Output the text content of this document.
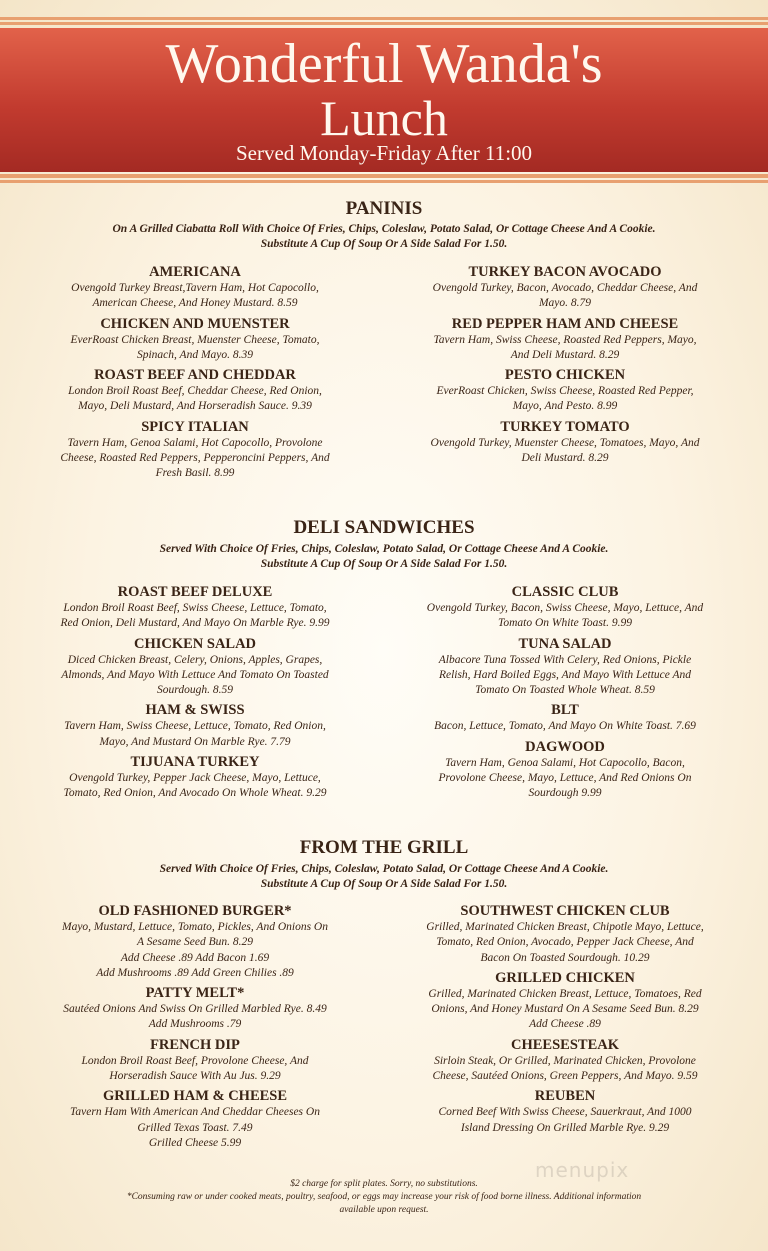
Wonderful Wanda's
Lunch
Served Monday-Friday After 11:00
PANINIS
On A Grilled Ciabatta Roll With Choice Of Fries, Chips, Coleslaw, Potato Salad, Or Cottage Cheese And A Cookie.
Substitute A Cup Of Soup Or A Side Salad For 1.50.
AMERICANA
Ovengold Turkey Breast,Tavern Ham, Hot Capocollo,
American Cheese, And Honey Mustard. 8.59
CHICKEN AND MUENSTER
EverRoast Chicken Breast, Muenster Cheese, Tomato,
Spinach, And Mayo. 8.39
ROAST BEEF AND CHEDDAR
London Broil Roast Beef, Cheddar Cheese, Red Onion,
Mayo, Deli Mustard, And Horseradish Sauce. 9.39
SPICY ITALIAN
Tavern Ham, Genoa Salami, Hot Capocollo, Provolone
Cheese, Roasted Red Peppers, Pepperoncini Peppers, And
Fresh Basil. 8.99
TURKEY BACON AVOCADO
Ovengold Turkey, Bacon, Avocado, Cheddar Cheese, And
Mayo. 8.79
RED PEPPER HAM AND CHEESE
Tavern Ham, Swiss Cheese, Roasted Red Peppers, Mayo,
And Deli Mustard. 8.29
PESTO CHICKEN
EverRoast Chicken, Swiss Cheese, Roasted Red Pepper,
Mayo, And Pesto. 8.99
TURKEY TOMATO
Ovengold Turkey, Muenster Cheese, Tomatoes, Mayo, And
Deli Mustard. 8.29
DELI SANDWICHES
Served With Choice Of Fries, Chips, Coleslaw, Potato Salad, Or Cottage Cheese And A Cookie.
Substitute A Cup Of Soup Or A Side Salad For 1.50.
ROAST BEEF DELUXE
London Broil Roast Beef, Swiss Cheese, Lettuce, Tomato,
Red Onion, Deli Mustard, And Mayo On Marble Rye. 9.99
CHICKEN SALAD
Diced Chicken Breast, Celery, Onions, Apples, Grapes,
Almonds, And Mayo With Lettuce And Tomato On Toasted
Sourdough. 8.59
HAM & SWISS
Tavern Ham, Swiss Cheese, Lettuce, Tomato, Red Onion,
Mayo, And Mustard On Marble Rye. 7.79
TIJUANA TURKEY
Ovengold Turkey, Pepper Jack Cheese, Mayo, Lettuce,
Tomato, Red Onion, And Avocado On Whole Wheat. 9.29
CLASSIC CLUB
Ovengold Turkey, Bacon, Swiss Cheese, Mayo, Lettuce, And
Tomato On White Toast. 9.99
TUNA SALAD
Albacore Tuna Tossed With Celery, Red Onions, Pickle
Relish, Hard Boiled Eggs, And Mayo With Lettuce And
Tomato On Toasted Whole Wheat. 8.59
BLT
Bacon, Lettuce, Tomato, And Mayo On White Toast. 7.69
DAGWOOD
Tavern Ham, Genoa Salami, Hot Capocollo, Bacon,
Provolone Cheese, Mayo, Lettuce, And Red Onions On
Sourdough 9.99
FROM THE GRILL
Served With Choice Of Fries, Chips, Coleslaw, Potato Salad, Or Cottage Cheese And A Cookie.
Substitute A Cup Of Soup Or A Side Salad For 1.50.
OLD FASHIONED BURGER*
Mayo, Mustard, Lettuce, Tomato, Pickles, And Onions On
A Sesame Seed Bun. 8.29
Add Cheese .89 Add Bacon 1.69
Add Mushrooms .89 Add Green Chilies .89
PATTY MELT*
Sautéed Onions And Swiss On Grilled Marbled Rye. 8.49
Add Mushrooms .79
FRENCH DIP
London Broil Roast Beef, Provolone Cheese, And
Horseradish Sauce With Au Jus. 9.29
GRILLED HAM & CHEESE
Tavern Ham With American And Cheddar Cheeses On
Grilled Texas Toast. 7.49
Grilled Cheese 5.99
SOUTHWEST CHICKEN CLUB
Grilled, Marinated Chicken Breast, Chipotle Mayo, Lettuce,
Tomato, Red Onion, Avocado, Pepper Jack Cheese, And
Bacon On Toasted Sourdough. 10.29
GRILLED CHICKEN
Grilled, Marinated Chicken Breast, Lettuce, Tomatoes, Red
Onions, And Honey Mustard On A Sesame Seed Bun. 8.29
Add Cheese .89
CHEESESTEAK
Sirloin Steak, Or Grilled, Marinated Chicken, Provolone
Cheese, Sautéed Onions, Green Peppers, And Mayo. 9.59
REUBEN
Corned Beef With Swiss Cheese, Sauerkraut, And 1000
Island Dressing On Grilled Marble Rye. 9.29
$2 charge for split plates. Sorry, no substitutions.
*Consuming raw or under cooked meats, poultry, seafood, or eggs may increase your risk of food borne illness. Additional information
available upon request.
menupix
